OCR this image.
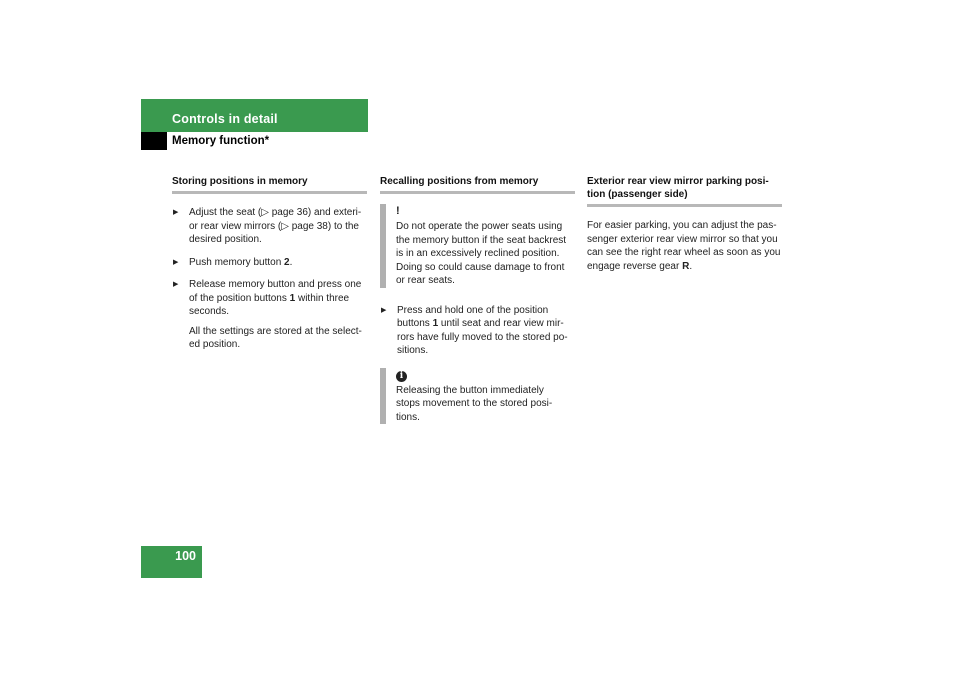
Controls in detail
Memory function*
Storing positions in memory
▶ Adjust the seat (▷ page 36) and exteri-
or rear view mirrors (▷ page 38) to the
desired position.
▶ Push memory button 2.
▶ Release memory button and press one
of the position buttons 1 within three
seconds.
All the settings are stored at the select-
ed position.
Recalling positions from memory
!
Do not operate the power seats using
the memory button if the seat backrest
is in an excessively reclined position.
Doing so could cause damage to front
or rear seats.
▶ Press and hold one of the position
buttons 1 until seat and rear view mir-
rors have fully moved to the stored po-
sitions.
i
Releasing the button immediately
stops movement to the stored posi-
tions.
Exterior rear view mirror parking posi-
tion (passenger side)
For easier parking, you can adjust the pas-
senger exterior rear view mirror so that you
can see the right rear wheel as soon as you
engage reverse gear R.
100
